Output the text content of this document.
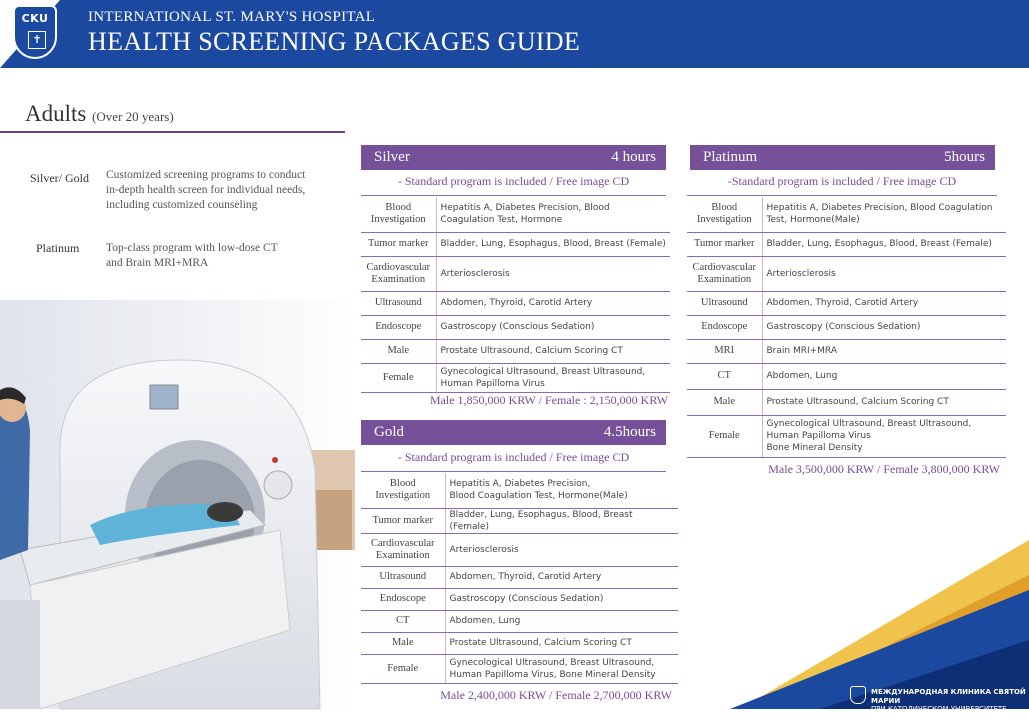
CKU
✝
INTERNATIONAL ST. MARY'S HOSPITAL
HEALTH SCREENING PACKAGES GUIDE
Adults (Over 20 years)
Silver/ Gold Customized screening programs to conduct in-depth health screen for individual needs, including customized counseling
Platinum Top-class program with low-dose CT and Brain MRI+MRA
Silver	4 hours
- Standard program is included / Free image CD
Blood
Investigation	Hepatitis A, Diabetes Precision, Blood Coagulation Test, Hormone
Tumor marker	Bladder, Lung, Esophagus, Blood, Breast (Female)
Cardiovascular
Examination	Arteriosclerosis
Ultrasound	Abdomen, Thyroid, Carotid Artery
Endoscope	Gastroscopy (Conscious Sedation)
Male	Prostate Ultrasound, Calcium Scoring CT
Female	Gynecological Ultrasound, Breast Ultrasound,
Human Papilloma Virus
Male 1,850,000 KRW / Female : 2,150,000 KRW
Gold	4.5hours
- Standard program is included / Free image CD
Blood
Investigation	Hepatitis A, Diabetes Precision,
Blood Coagulation Test, Hormone(Male)
Tumor marker	Bladder, Lung, Esophagus, Blood, Breast (Female)
Cardiovascular
Examination	Arteriosclerosis
Ultrasound	Abdomen, Thyroid, Carotid Artery
Endoscope	Gastroscopy (Conscious Sedation)
CT	Abdomen, Lung
Male	Prostate Ultrasound, Calcium Scoring CT
Female	Gynecological Ultrasound, Breast Ultrasound,
Human Papilloma Virus, Bone Mineral Density
Male 2,400,000 KRW / Female 2,700,000 KRW
Platinum	5hours
-Standard program is included / Free image CD
Blood
Investigation	Hepatitis A, Diabetes Precision, Blood Coagulation
Test, Hormone(Male)
Tumor marker	Bladder, Lung, Esophagus, Blood, Breast (Female)
Cardiovascular
Examination	Arteriosclerosis
Ultrasound	Abdomen, Thyroid, Carotid Artery
Endoscope	Gastroscopy (Conscious Sedation)
MRI	Brain MRI+MRA
CT	Abdomen, Lung
Male	Prostate Ultrasound, Calcium Scoring CT
Female	Gynecological Ultrasound, Breast Ultrasound,
Human Papilloma Virus
Bone Mineral Density
Male 3,500,000 KRW / Female 3,800,000 KRW
МЕЖДУНАРОДНАЯ КЛИНИКА СВЯТОЙ МАРИИ
ПРИ КАТОЛИЧЕСКОМ УНИВЕРСИТЕТЕ КВАНДОНГ
